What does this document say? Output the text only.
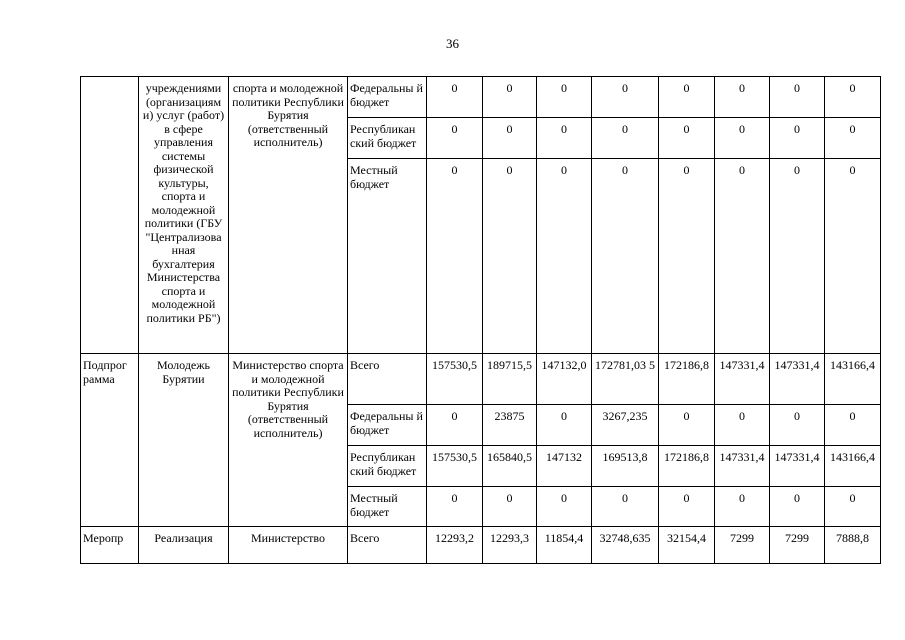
36
	учреждениями (организациям и) услуг (работ) в сфере управления системы физической культуры, спорта и молодежной политики (ГБУ "Централизова нная бухгалтерия Министерства спорта и молодежной политики РБ")	спорта и молодежной политики Республики Бурятия (ответственный исполнитель)	Федеральны й бюджет	0	0	0	0	0	0	0	0
			Республикан ский бюджет	0	0	0	0	0	0	0	0
			Местный бюджет	0	0	0	0	0	0	0	0
Подпрог рамма	Молодежь Бурятии	Министерство спорта и молодежной политики Республики Бурятия (ответственный исполнитель)	Всего	157530,5	189715,5	147132,0	172781,03 5	172186,8	147331,4	147331,4	143166,4
			Федеральны й бюджет	0	23875	0	3267,235	0	0	0	0
			Республикан ский бюджет	157530,5	165840,5	147132	169513,8	172186,8	147331,4	147331,4	143166,4
			Местный бюджет	0	0	0	0	0	0	0	0
Меропр	Реализация	Министерство	Всего	12293,2	12293,3	11854,4	32748,635	32154,4	7299	7299	7888,8
